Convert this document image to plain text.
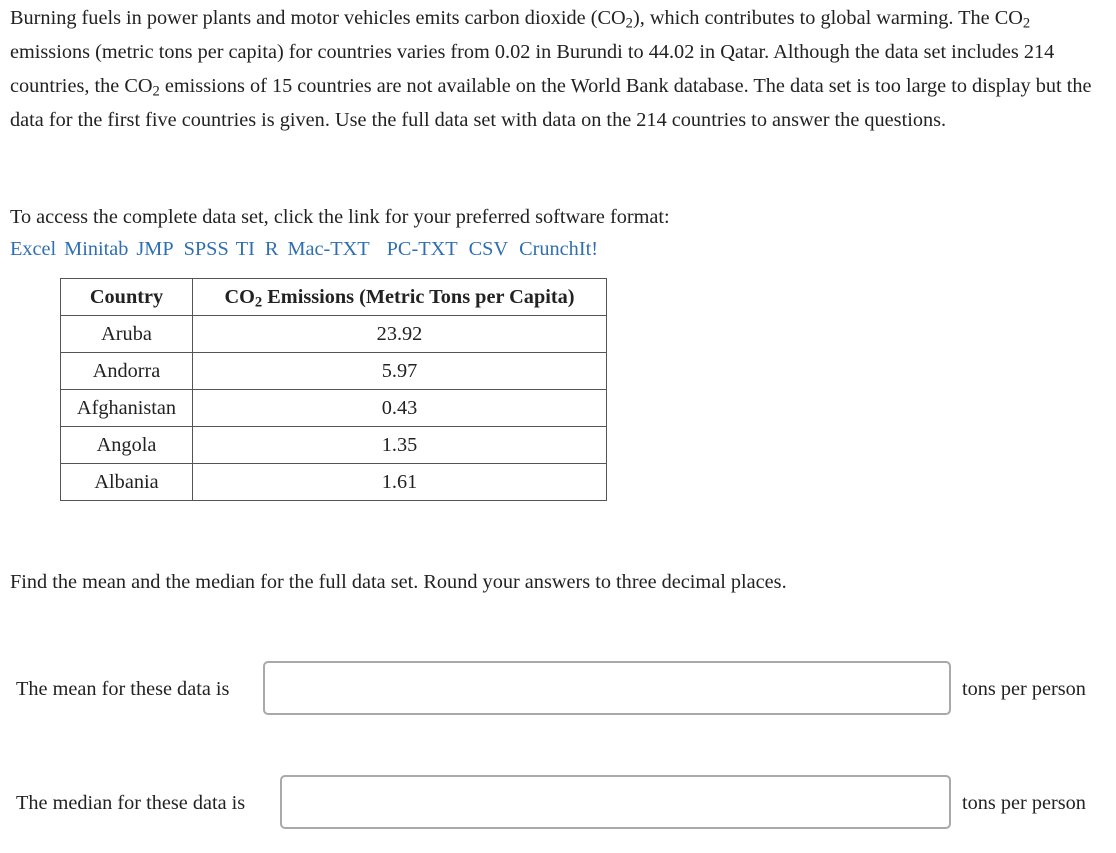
Burning fuels in power plants and motor vehicles emits carbon dioxide $(CO_2)$, which contributes to global warming. The $CO_2$ emissions (metric tons per capita) for countries varies from 0.02 in Burundi to 44.02 in Qatar. Although the data set includes 214 countries, the $CO_2$ emissions of 15 countries are not available on the World Bank database. The data set is too large to display but the data for the first five countries is given. Use the full data set with data on the 214 countries to answer the questions.

To access the complete data set, click the link for your preferred software format:

Excel Minitab JMP SPSS TI R Mac-TXT PC-TXT CSV CrunchIt!
Country	$CO_2$ Emissions (Metric Tons per Capita)
Aruba	23.92
Andorra	5.97
Afghanistan	0.43
Angola	1.35
Albania	1.61

Find the mean and the median for the full data set. Round your answers to three decimal places.

The mean for these data is	tons per person
The median for these data is	tons per person
